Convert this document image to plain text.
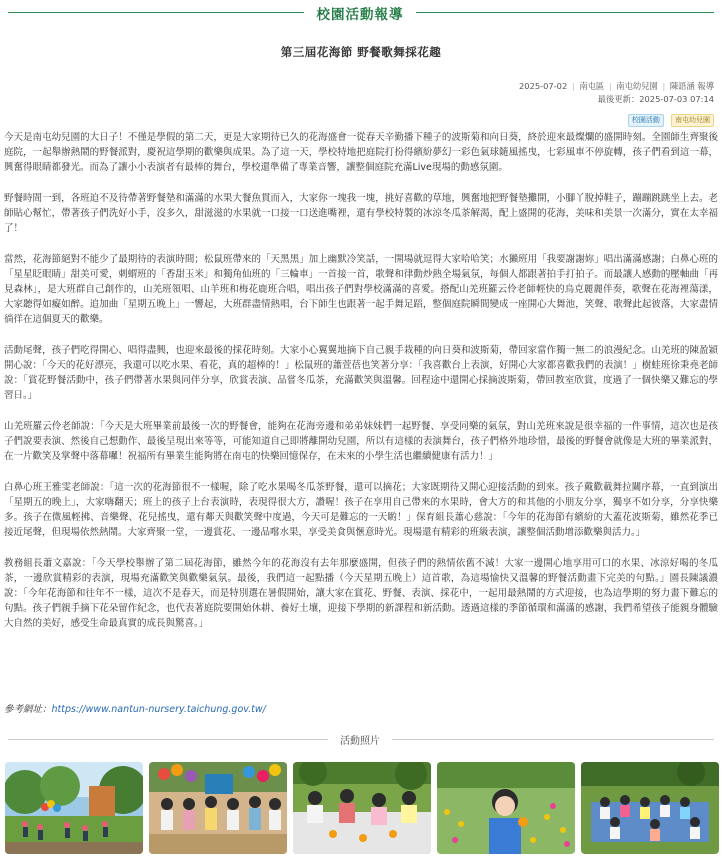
校園活動報導
第三屆花海節 野餐歌舞採花趣
2025-07-02 | 南屯區 | 南屯幼兒園 | 陳語涵 報導
最後更新：2025-07-03 07:14
校園活動 南屯幼兒園

今天是南屯幼兒園的大日子！不僅是學假的第二天，更是大家期待已久的花海盛會一從春天辛勤播下種子的波斯菊和向日葵，終於迎來最燦爛的盛開時刻。全園師生齊聚後庭院，一起舉辦熱鬧的野餐派對，慶祝這學期的歡樂與成果。為了這一天，學校特地把庭院打扮得繽紛夢幻一彩色氣球隨風搖曳，七彩風車不停旋轉，孩子們看到這一幕，興奮得眼睛都發光。而為了讓小小表演者有最棒的舞台，學校還準備了專業音響，讓整個庭院充滿Live現場的動感氛圍。

野餐時間一到，各班迫不及待帶著野餐墊和滿滿的水果大餐魚貫而入，大家你一塊我一塊，挑好喜歡的草地，興奮地把野餐墊攤開，小腳丫脫掉鞋子，蹦蹦跳跳坐上去。老師貼心幫忙，帶著孩子們洗好小手，沒多久，甜滋滋的水果就一口接一口送進嘴裡，還有學校特製的冰涼冬瓜茶解渴，配上盛開的花海，美味和美景一次滿分，實在太幸福了！

當然，花海節絕對不能少了最期待的表演時間；松鼠班帶來的「天黑黑」加上幽默冷笑話，一開場就逗得大家哈哈笑；水獺班用「我要謝謝妳」唱出滿滿感謝；白鼻心班的「星星眨眼睛」甜美可愛，刺蝟班的「香甜玉米」和獨角仙班的「三輪車」一首接一首，歌聲和律動炒熱全場氣氛，每個人都跟著拍手打拍子。而最讓人感動的壓軸曲「再見森林」，是大班群自己創作的，山羌班領唱、山羊班和梅花鹿班合唱，唱出孩子們對學校滿滿的喜愛。搭配山羌班羅云伶老師輕快的烏克麗麗伴奏，歌聲在花海裡蕩漾，大家聽得如癡如醉。追加曲「星期五晚上」一響起，大班群盡情熱唱，台下師生也跟著一起手舞足蹈，整個庭院瞬間變成一座開心大舞池，笑聲、歌聲此起彼落，大家盡情徜徉在這個夏天的歡樂。

活動尾聲，孩子們吃得開心、唱得盡興，也迎來最後的採花時刻。大家小心翼翼地摘下自己親手栽種的向日葵和波斯菊，帶回家當作獨一無二的浪漫紀念。山羌班的陳盈穎開心說：「今天的花好漂亮，我還可以吃水果、看花，真的超棒的！」松鼠班的蕭萱蓓也笑著分享：「我喜歡台上表演，好開心大家都喜歡我們的表演！」樹蛙班徐秉堯老師說：「賞花野餐活動中，孩子們帶著水果與同伴分享，欣賞表演、品嘗冬瓜茶，充滿歡笑與溫馨。回程途中還開心採摘波斯菊，帶回教室欣賞，度過了一個快樂又難忘的學習日。」

山羌班羅云伶老師說：「今天是大班畢業前最後一次的野餐會，能夠在花海旁邊和弟弟妹妹們一起野餐、享受同樂的氣氛，對山羌班來說是很幸福的一件事情，這次也是孩子們說要表演、然後自己想動作、最後呈現出來等等，可能知道自己即將離開幼兒園，所以有這樣的表演舞台，孩子們格外地珍惜，最後的野餐會就像是大班的畢業派對，在一片歡笑及掌聲中落幕囉！祝福所有畢業生能夠將在南屯的快樂回憶保存，在未來的小學生活也繼續健康有活力！」

白鼻心班王雅雯老師說：「這一次的花海節很不一樣喔，除了吃水果喝冬瓜茶野餐，還可以摘花；大家既期待又開心迎接活動的到來。孩子戴歡載舞拉關序幕，一直到演出「星期五的晚上」，大家嗨翻天；班上的孩子上台表演時，表現得很大方，讚喔！孩子在享用自己帶來的水果時，會大方的和其他的小朋友分享，獨享不如分享，分享快樂多。孩子在微風輕拂、音樂聲、花兒搖曳，還有鄰天與歡笑聲中度過，今天可是難忘的一天喲！」保育組長蕭心慈說：「今年的花海節有繽紛的大蓋花波斯菊，雖然花季已接近尾聲，但現場依然熱鬧。大家齊聚一堂，一邊賞花、一邊品嚐水果，享受美食與愜意時光。現場還有精彩的班級表演，讓整個活動增添歡樂與活力。」

教務組長蕭文嘉說：「今天學校舉辦了第二屆花海節，雖然今年的花海沒有去年那麼盛開，但孩子們的熱情依舊不減！大家一邊開心地享用可口的水果、冰涼好喝的冬瓜茶，一邊欣賞精彩的表演，現場充滿歡笑與歡樂氣氛。最後，我們這一起點播（今天星期五晚上）這首歌，為這場愉快又溫馨的野餐活動畫下完美的句點。」園長陳議濃說：「今年花海節和往年不一樣，這次不是春天，而是特別選在暑假開始，讓大家在賞花、野餐、表演、採花中，一起用最熱鬧的方式迎接，也為這學期的努力畫下難忘的句點。孩子們親手摘下花朵留作紀念，也代表著庭院要開始休耕、養好土壤，迎接下學期的新課程和新活動。透過這樣的季節循環和滿滿的感謝，我們希望孩子能親身體驗大自然的美好，感受生命最真實的成長與驚喜。」

參考網址：https://www.nantun-nursery.taichung.gov.tw/
活動照片
